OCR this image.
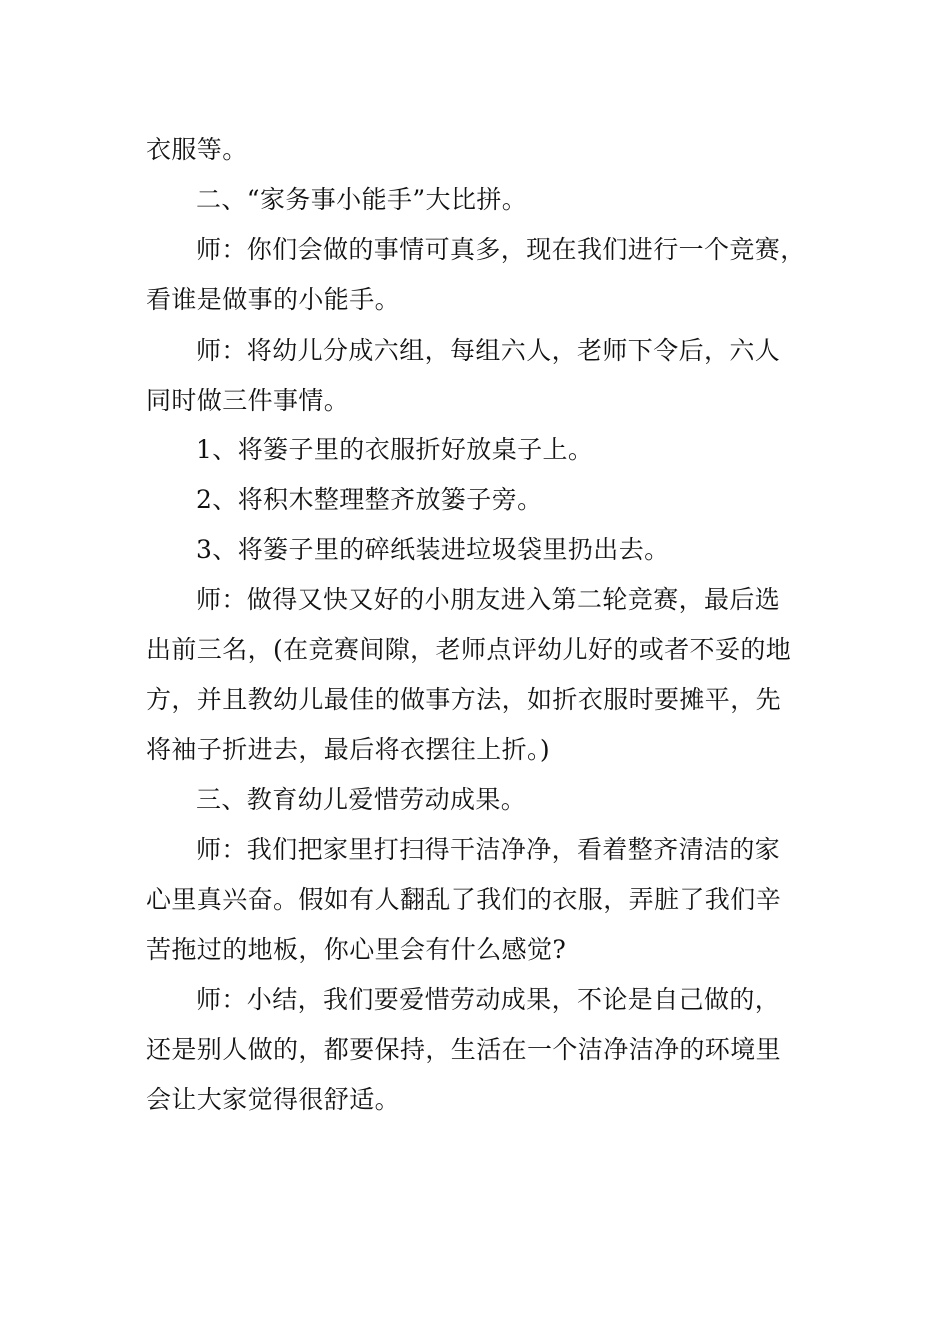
衣服等。
二、“家务事小能手”大比拼。
师：你们会做的事情可真多，现在我们进行一个竞赛，
看谁是做事的小能手。
师：将幼儿分成六组，每组六人，老师下令后，六人
同时做三件事情。
1、将篓子里的衣服折好放桌子上。
2、将积木整理整齐放篓子旁。
3、将篓子里的碎纸装进垃圾袋里扔出去。
师：做得又快又好的小朋友进入第二轮竞赛，最后选
出前三名，(在竞赛间隙，老师点评幼儿好的或者不妥的地
方，并且教幼儿最佳的做事方法，如折衣服时要摊平，先
将袖子折进去，最后将衣摆往上折。)
三、教育幼儿爱惜劳动成果。
师：我们把家里打扫得干洁净净，看着整齐清洁的家
心里真兴奋。假如有人翻乱了我们的衣服，弄脏了我们辛
苦拖过的地板，你心里会有什么感觉?
师：小结，我们要爱惜劳动成果，不论是自己做的，
还是别人做的，都要保持，生活在一个洁净洁净的环境里
会让大家觉得很舒适。
